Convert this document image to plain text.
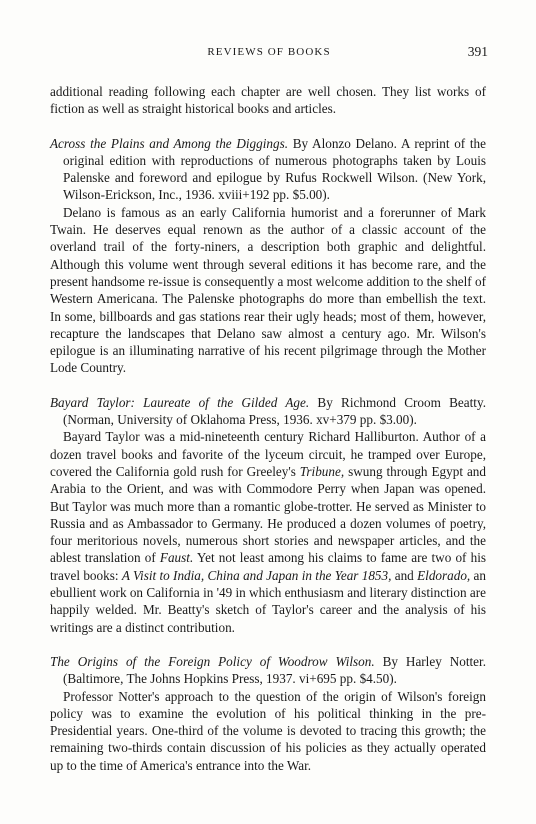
REVIEWS OF BOOKS	391

additional reading following each chapter are well chosen. They list works of fiction as well as straight historical books and articles.

Across the Plains and Among the Diggings. By Alonzo Delano. A reprint of the original edition with reproductions of numerous photographs taken by Louis Palenske and foreword and epilogue by Rufus Rockwell Wilson. (New York, Wilson-Erickson, Inc., 1936. xviii+192 pp. $5.00).

Delano is famous as an early California humorist and a forerunner of Mark Twain. He deserves equal renown as the author of a classic account of the overland trail of the forty-niners, a description both graphic and delightful. Although this volume went through several editions it has become rare, and the present handsome re-issue is consequently a most welcome addition to the shelf of Western Americana. The Palenske photographs do more than embellish the text. In some, billboards and gas stations rear their ugly heads; most of them, however, recapture the landscapes that Delano saw almost a century ago. Mr. Wilson's epilogue is an illuminating narrative of his recent pilgrimage through the Mother Lode Country.

Bayard Taylor: Laureate of the Gilded Age. By Richmond Croom Beatty. (Norman, University of Oklahoma Press, 1936. xv+379 pp. $3.00).

Bayard Taylor was a mid-nineteenth century Richard Halliburton. Author of a dozen travel books and favorite of the lyceum circuit, he tramped over Europe, covered the California gold rush for Greeley's Tribune, swung through Egypt and Arabia to the Orient, and was with Commodore Perry when Japan was opened. But Taylor was much more than a romantic globe-trotter. He served as Minister to Russia and as Ambassador to Germany. He produced a dozen volumes of poetry, four meritorious novels, numerous short stories and newspaper articles, and the ablest translation of Faust. Yet not least among his claims to fame are two of his travel books: A Visit to India, China and Japan in the Year 1853, and Eldorado, an ebullient work on California in '49 in which enthusiasm and literary distinction are happily welded. Mr. Beatty's sketch of Taylor's career and the analysis of his writings are a distinct contribution.

The Origins of the Foreign Policy of Woodrow Wilson. By Harley Notter. (Baltimore, The Johns Hopkins Press, 1937. vi+695 pp. $4.50).

Professor Notter's approach to the question of the origin of Wilson's foreign policy was to examine the evolution of his political thinking in the pre-Presidential years. One-third of the volume is devoted to tracing this growth; the remaining two-thirds contain discussion of his policies as they actually operated up to the time of America's entrance into the War.
